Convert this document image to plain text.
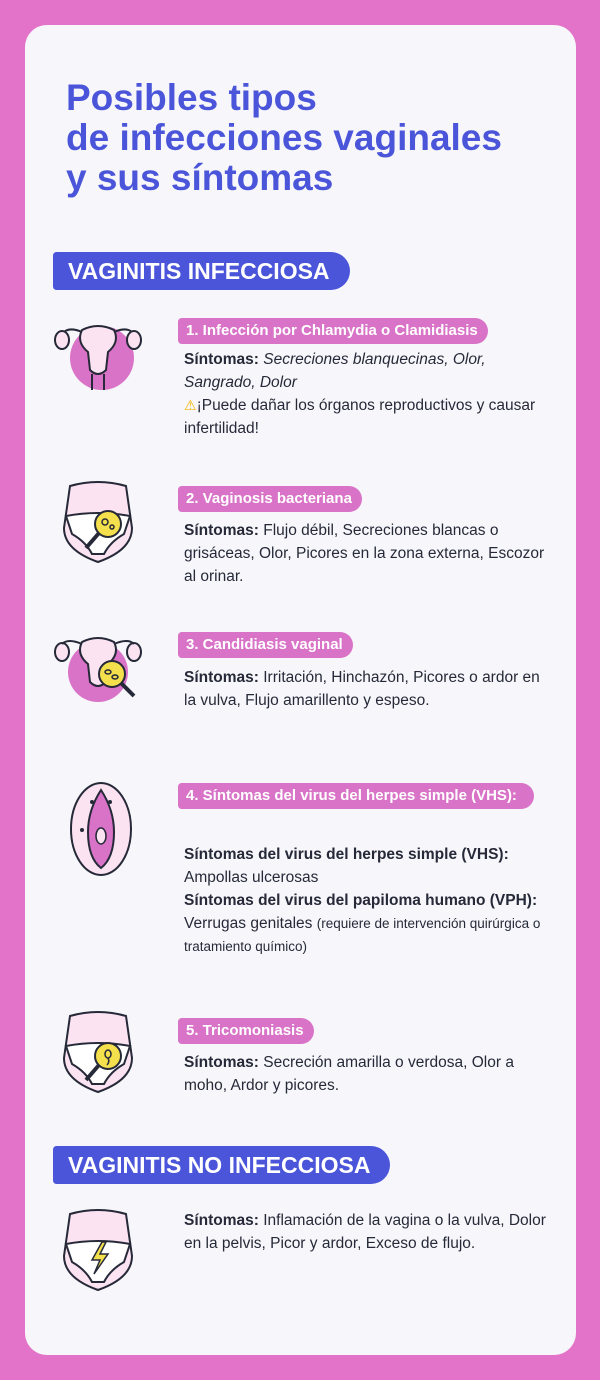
Posibles tipos
de infecciones vaginales
y sus síntomas
VAGINITIS INFECCIOSA
1. Infección por Chlamydia o Clamidiasis
Síntomas: Secreciones blanquecinas, Olor, Sangrado, Dolor
⚠¡Puede dañar los órganos reproductivos y causar infertilidad!
2. Vaginosis bacteriana
Síntomas: Flujo débil, Secreciones blancas o grisáceas, Olor, Picores en la zona externa, Escozor al orinar.
3. Candidiasis vaginal
Síntomas: Irritación, Hinchazón, Picores o ardor en la vulva, Flujo amarillento y espeso.
4. Síntomas del virus del herpes simple (VHS):
Síntomas del virus del herpes simple (VHS):
Ampollas ulcerosas
Síntomas del virus del papiloma humano (VPH): Verrugas genitales (requiere de intervención quirúrgica o tratamiento químico)
5. Tricomoniasis
Síntomas: Secreción amarilla o verdosa, Olor a moho, Ardor y picores.
VAGINITIS NO INFECCIOSA
Síntomas: Inflamación de la vagina o la vulva, Dolor en la pelvis, Picor y ardor, Exceso de flujo.
